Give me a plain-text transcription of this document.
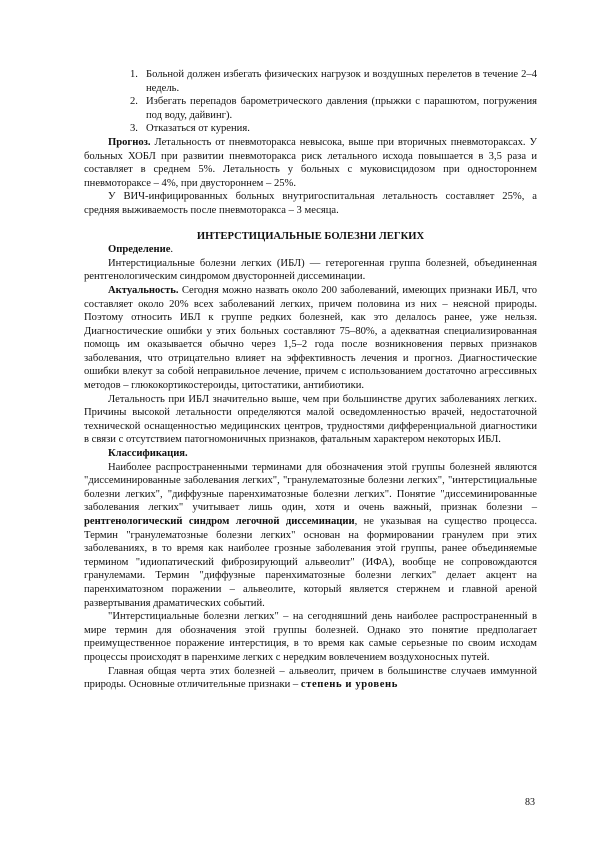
1. Больной должен избегать физических нагрузок и воздушных перелетов в течение 2–4 недель.
2. Избегать перепадов барометрического давления (прыжки с парашютом, погружения под воду, дайвинг).
3. Отказаться от курения.

Прогноз. Летальность от пневмоторакса невысока, выше при вторичных пневмотораксах. У больных ХОБЛ при развитии пневмоторакса риск летального исхода повышается в 3,5 раза и составляет в среднем 5%. Летальность у больных с муковисцидозом при одностороннем пневмотораксе – 4%, при двустороннем – 25%.

У ВИЧ-инфицированных больных внутригоспитальная летальность составляет 25%, а средняя выживаемость после пневмоторакса – 3 месяца.

ИНТЕРСТИЦИАЛЬНЫЕ БОЛЕЗНИ ЛЕГКИХ

Определение.

Интерстициальные болезни легких (ИБЛ) — гетерогенная группа болезней, объединенная рентгенологическим синдромом двусторонней диссеминации.

Актуальность. Сегодня можно назвать около 200 заболеваний, имеющих признаки ИБЛ, что составляет около 20% всех заболеваний легких, причем половина из них – неясной природы. Поэтому относить ИБЛ к группе редких болезней, как это делалось ранее, уже нельзя. Диагностические ошибки у этих больных составляют 75–80%, а адекватная специализированная помощь им оказывается обычно через 1,5–2 года после возникновения первых признаков заболевания, что отрицательно влияет на эффективность лечения и прогноз. Диагностические ошибки влекут за собой неправильное лечение, причем с использованием достаточно агрессивных методов – глюкокортикостероиды, цитостатики, антибиотики.

Летальность при ИБЛ значительно выше, чем при большинстве других заболеваниях легких. Причины высокой летальности определяются малой осведомленностью врачей, недостаточной технической оснащенностью медицинских центров, трудностями дифференциальной диагностики в связи с отсутствием патогномоничных признаков, фатальным характером некоторых ИБЛ.

Классификация.

Наиболее распространенными терминами для обозначения этой группы болезней являются "диссеминированные заболевания легких", "гранулематозные болезни легких", "интерстициальные болезни легких", "диффузные паренхиматозные болезни легких". Понятие "диссеминированные заболевания легких" учитывает лишь один, хотя и очень важный, признак болезни – рентгенологический синдром легочной диссеминации, не указывая на существо процесса. Термин "гранулематозные болезни легких" основан на формировании гранулем при этих заболеваниях, в то время как наиболее грозные заболевания этой группы, ранее объединяемые термином "идиопатический фиброзирующий альвеолит" (ИФА), вообще не сопровождаются гранулемами. Термин "диффузные паренхиматозные болезни легких" делает акцент на паренхиматозном поражении – альвеолите, который является стержнем и главной ареной развертывания драматических событий.

"Интерстициальные болезни легких" – на сегодняшний день наиболее распространенный в мире термин для обозначения этой группы болезней. Однако это понятие предполагает преимущественное поражение интерстиция, в то время как самые серьезные по своим исходам процессы происходят в паренхиме легких с нередким вовлечением воздухоносных путей.

Главная общая черта этих болезней – альвеолит, причем в большинстве случаев иммунной природы. Основные отличительные признаки – степень и уровень

83
